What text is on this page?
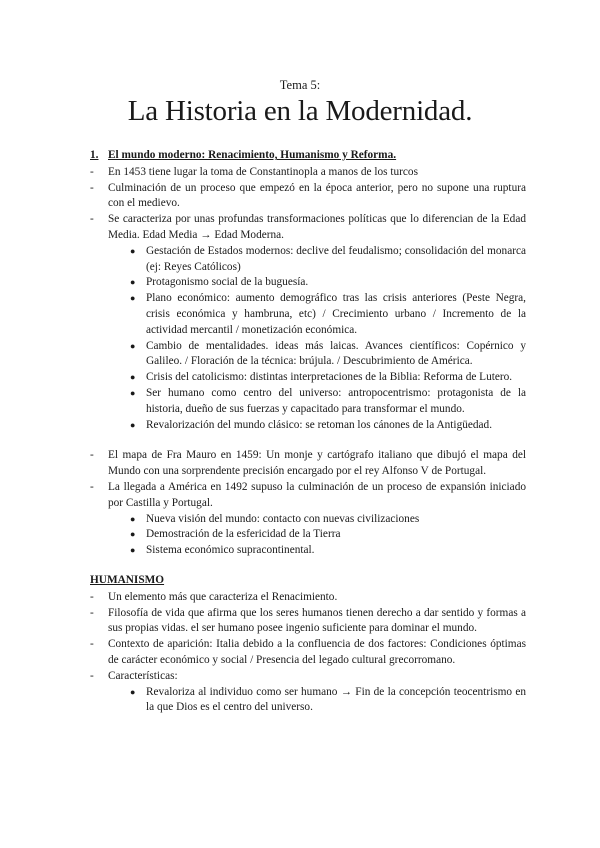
Tema 5:
La Historia en la Modernidad.
1. El mundo moderno: Renacimiento, Humanismo y Reforma.
-	En 1453 tiene lugar la toma de Constantinopla a manos de los turcos
-	Culminación de un proceso que empezó en la época anterior, pero no supone una ruptura con el medievo.
-	Se caracteriza por unas profundas transformaciones políticas que lo diferencian de la Edad Media. Edad Media → Edad Moderna.
● Gestación de Estados modernos: declive del feudalismo; consolidación del monarca (ej: Reyes Católicos)
● Protagonismo social de la buguesía.
● Plano económico: aumento demográfico tras las crisis anteriores (Peste Negra, crisis económica y hambruna, etc) / Crecimiento urbano / Incremento de la actividad mercantil / monetización económica.
● Cambio de mentalidades. ideas más laicas. Avances científicos: Copérnico y Galileo. / Floración de la técnica: brújula. / Descubrimiento de América.
● Crisis del catolicismo: distintas interpretaciones de la Biblia: Reforma de Lutero.
● Ser humano como centro del universo: antropocentrismo: protagonista de la historia, dueño de sus fuerzas y capacitado para transformar el mundo.
● Revalorización del mundo clásico: se retoman los cánones de la Antigüedad.
-	El mapa de Fra Mauro en 1459: Un monje y cartógrafo italiano que dibujó el mapa del Mundo con una sorprendente precisión encargado por el rey Alfonso V de Portugal.
-	La llegada a América en 1492 supuso la culminación de un proceso de expansión iniciado por Castilla y Portugal.
● Nueva visión del mundo: contacto con nuevas civilizaciones
● Demostración de la esfericidad de la Tierra
● Sistema económico supracontinental.
HUMANISMO
-	Un elemento más que caracteriza el Renacimiento.
-	Filosofía de vida que afirma que los seres humanos tienen derecho a dar sentido y formas a sus propias vidas. el ser humano posee ingenio suficiente para dominar el mundo.
-	Contexto de aparición: Italia debido a la confluencia de dos factores: Condiciones óptimas de carácter económico y social / Presencia del legado cultural grecorromano.
-	Características:
● Revaloriza al individuo como ser humano → Fin de la concepción teocentrismo en la que Dios es el centro del universo.
